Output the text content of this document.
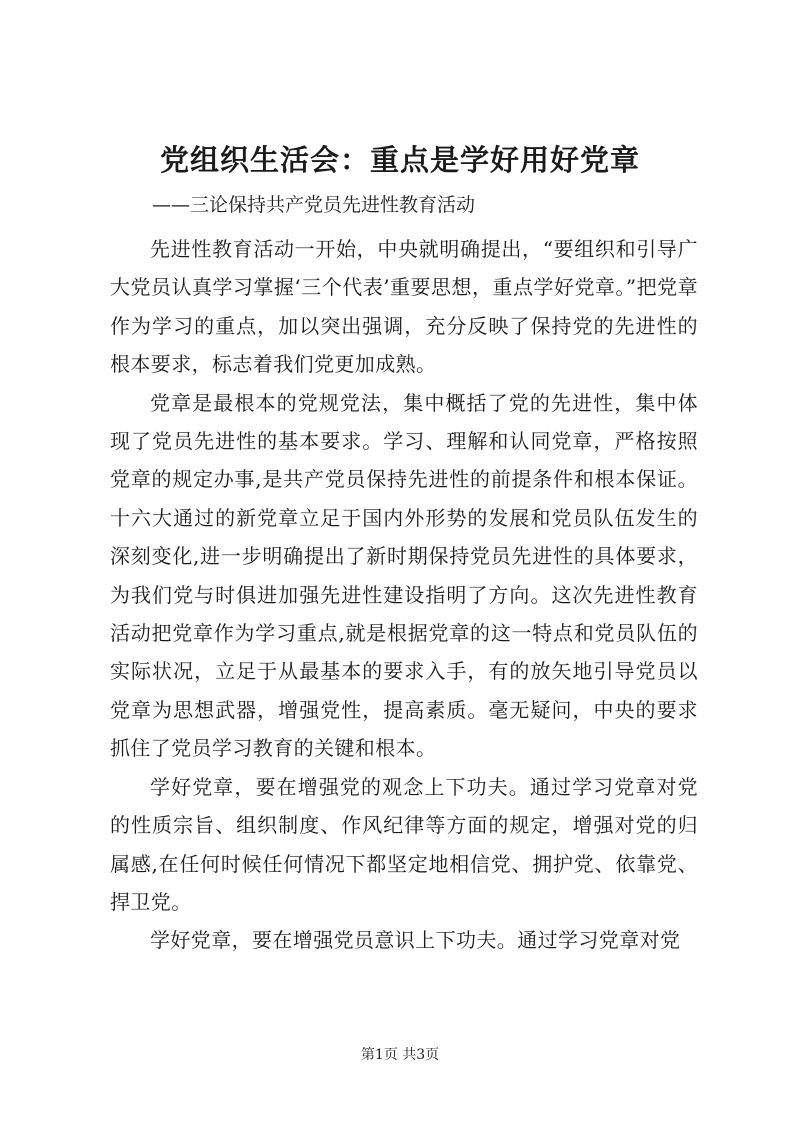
党组织生活会：重点是学好用好党章

——三论保持共产党员先进性教育活动

先进性教育活动一开始，中央就明确提出，“要组织和引导广大党员认真学习掌握‘三个代表’重要思想，重点学好党章。”把党章作为学习的重点，加以突出强调，充分反映了保持党的先进性的根本要求，标志着我们党更加成熟。

党章是最根本的党规党法，集中概括了党的先进性，集中体现了党员先进性的基本要求。学习、理解和认同党章，严格按照党章的规定办事,是共产党员保持先进性的前提条件和根本保证。十六大通过的新党章立足于国内外形势的发展和党员队伍发生的深刻变化,进一步明确提出了新时期保持党员先进性的具体要求，为我们党与时俱进加强先进性建设指明了方向。这次先进性教育活动把党章作为学习重点,就是根据党章的这一特点和党员队伍的实际状况，立足于从最基本的要求入手，有的放矢地引导党员以党章为思想武器，增强党性，提高素质。毫无疑问，中央的要求抓住了党员学习教育的关键和根本。

学好党章，要在增强党的观念上下功夫。通过学习党章对党的性质宗旨、组织制度、作风纪律等方面的规定，增强对党的归属感,在任何时候任何情况下都坚定地相信党、拥护党、依靠党、捍卫党。

学好党章，要在增强党员意识上下功夫。通过学习党章对党

第1页 共3页
